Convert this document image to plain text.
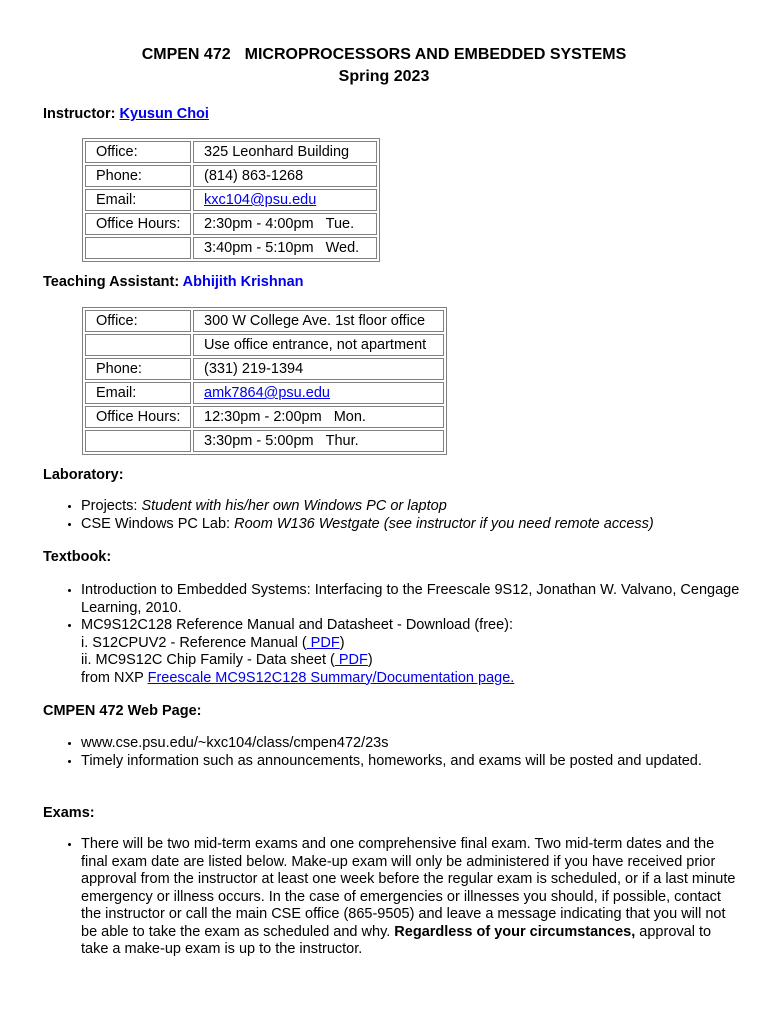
CMPEN 472 MICROPROCESSORS AND EMBEDDED SYSTEMS
Spring 2023
Instructor: Kyusun Choi
Office:	325 Leonhard Building
Phone:	(814) 863-1268
Email:	kxc104@psu.edu
Office Hours:	2:30pm - 4:00pm Tue.
	3:40pm - 5:10pm Wed.
Teaching Assistant: Abhijith Krishnan
Office:	300 W College Ave. 1st floor office
	Use office entrance, not apartment
Phone:	(331) 219-1394
Email:	amk7864@psu.edu
Office Hours:	12:30pm - 2:00pm Mon.
	3:30pm - 5:00pm Thur.
Laboratory:
• Projects: Student with his/her own Windows PC or laptop
• CSE Windows PC Lab: Room W136 Westgate (see instructor if you need remote access)
Textbook:
• Introduction to Embedded Systems: Interfacing to the Freescale 9S12, Jonathan W. Valvano, Cengage Learning, 2010.
• MC9S12C128 Reference Manual and Datasheet - Download (free):
i. S12CPUV2 - Reference Manual ( PDF)
ii. MC9S12C Chip Family - Data sheet ( PDF)
from NXP Freescale MC9S12C128 Summary/Documentation page.
CMPEN 472 Web Page:
• www.cse.psu.edu/~kxc104/class/cmpen472/23s
• Timely information such as announcements, homeworks, and exams will be posted and updated.
Exams:
• There will be two mid-term exams and one comprehensive final exam. Two mid-term dates and the final exam date are listed below. Make-up exam will only be administered if you have received prior approval from the instructor at least one week before the regular exam is scheduled, or if a last minute emergency or illness occurs. In the case of emergencies or illnesses you should, if possible, contact the instructor or call the main CSE office (865-9505) and leave a message indicating that you will not be able to take the exam as scheduled and why. Regardless of your circumstances, approval to take a make-up exam is up to the instructor.
